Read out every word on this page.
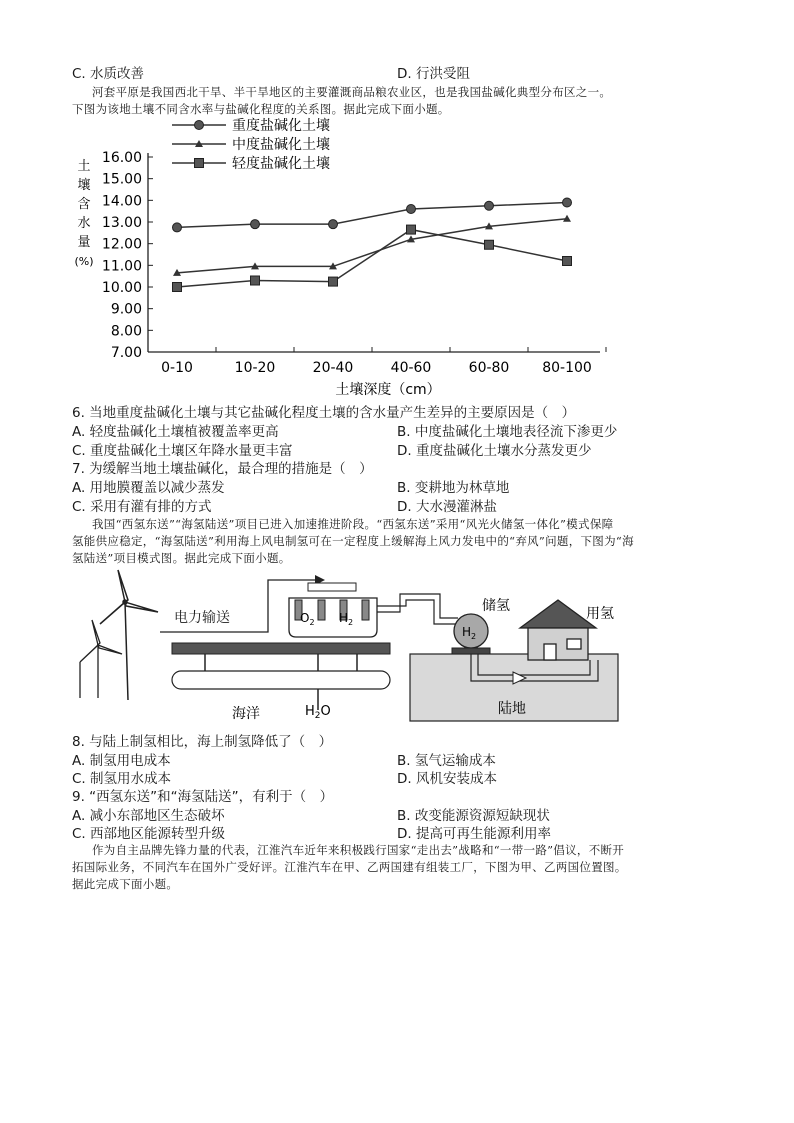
C. 水质改善	D. 行洪受阻
河套平原是我国西北干旱、半干旱地区的主要灌溉商品粮农业区，也是我国盐碱化典型分布区之一。
下图为该地土壤不同含水率与盐碱化程度的关系图。据此完成下面小题。
重度盐碱化土壤
中度盐碱化土壤
轻度盐碱化土壤
16.00
15.00
14.00
13.00
12.00
11.00
10.00
9.00
8.00
7.00
0-10	10-20	20-40	40-60	60-80 80-100
土壤含水量(%)
土壤深度（cm）
6. 当地重度盐碱化土壤与其它盐碱化程度土壤的含水量产生差异的主要原因是（　）
A. 轻度盐碱化土壤植被覆盖率更高	B. 中度盐碱化土壤地表径流下渗更少
C. 重度盐碱化土壤区年降水量更丰富	D. 重度盐碱化土壤水分蒸发更少
7. 为缓解当地土壤盐碱化，最合理的措施是（　）
A. 用地膜覆盖以减少蒸发	B. 变耕地为林草地
C. 采用有灌有排的方式	D. 大水漫灌淋盐
我国“西氢东送”“海氢陆送”项目已进入加速推进阶段。“西氢东送”采用“风光火储氢一体化”模式保障
氢能供应稳定，“海氢陆送”利用海上风电制氢可在一定程度上缓解海上风力发电中的“弃风”问题，下图为“海
氢陆送”项目模式图。据此完成下面小题。
电力输送	$O_2$ $H_2$
$H_2$
储氢	用氢
海洋	$H_2O$	陆地
8. 与陆上制氢相比，海上制氢降低了（　）
A. 制氢用电成本	B. 氢气运输成本
C. 制氢用水成本	D. 风机安装成本
9. “西氢东送”和“海氢陆送”，有利于（　）
A. 减小东部地区生态破坏	B. 改变能源资源短缺现状
C. 西部地区能源转型升级	D. 提高可再生能源利用率
作为自主品牌先锋力量的代表，江淮汽车近年来积极践行国家“走出去”战略和“一带一路”倡议，不断开
拓国际业务，不同汽车在国外广受好评。江淮汽车在甲、乙两国建有组装工厂，下图为甲、乙两国位置图。
据此完成下面小题。
